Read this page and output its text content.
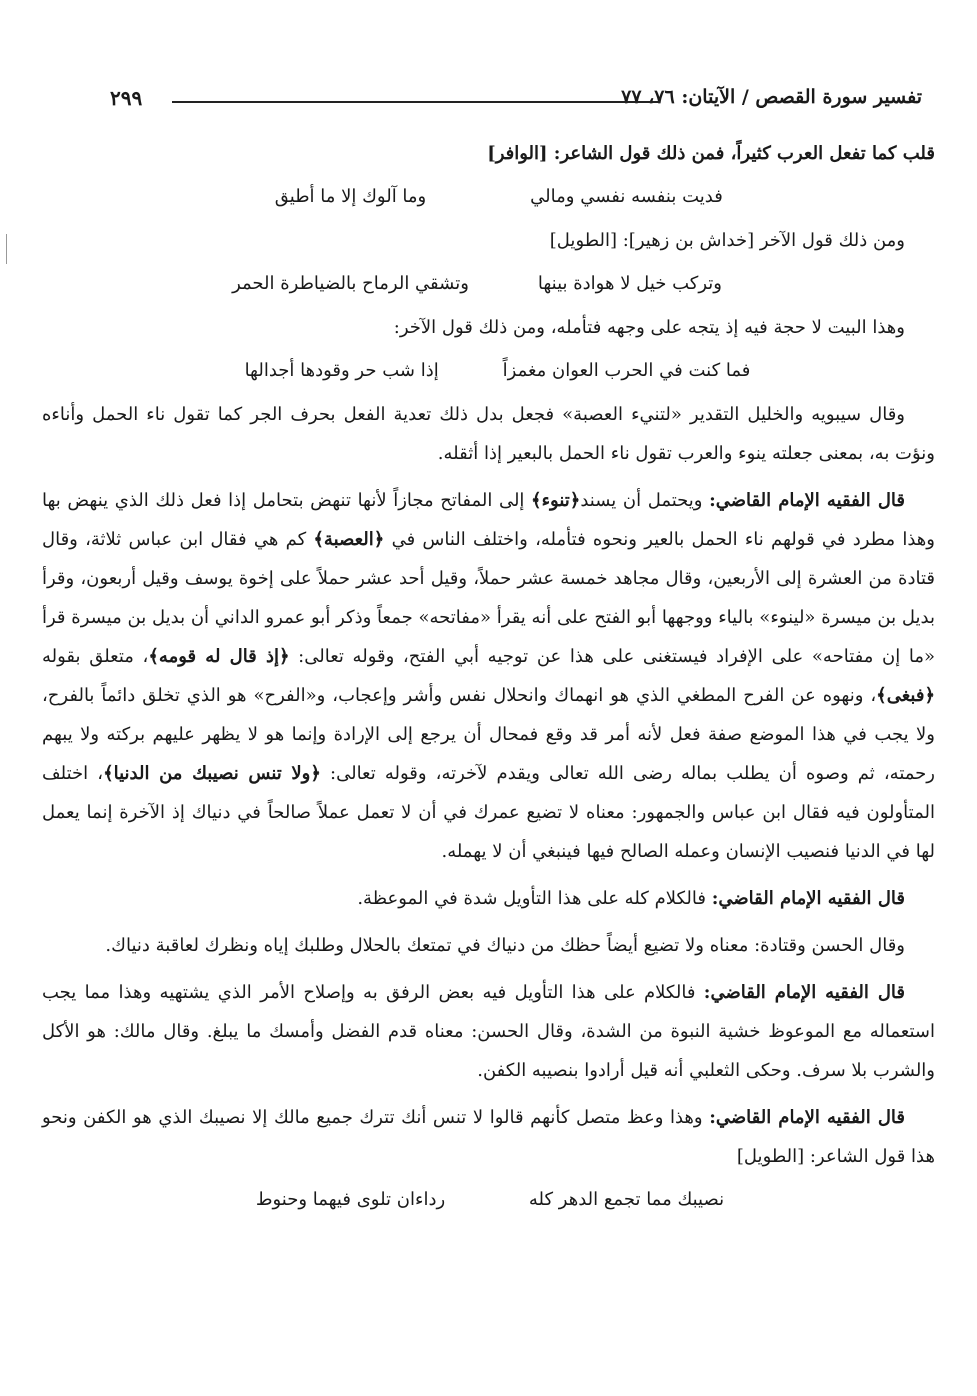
تفسير سورة القصص / الآيتان: ٧٦، ٧٧
٢٩٩

قلب كما تفعل العرب كثيراً، فمن ذلك قول الشاعر: [الوافر]

فديت بنفسه نفسي ومالي
وما آلوك إلا ما أطيق

ومن ذلك قول الآخر [خداش بن زهير]: [الطويل]

وتركب خيل لا هوادة بينها
وتشقي الرماح بالضياطرة الحمر

وهذا البيت لا حجة فيه إذ يتجه على وجهه فتأمله، ومن ذلك قول الآخر:

فما كنت في الحرب العوان مغمزاً
إذا شب حر وقودها أجدالها

وقال سيبويه والخليل التقدير «لتنيء العصبة» فجعل بدل ذلك تعدية الفعل بحرف الجر كما تقول ناء الحمل وأناءه ونؤت به، بمعنى جعلته ينوء والعرب تقول ناء الحمل بالبعير إذا أثقله.

قال الفقيه الإمام القاضي: ويحتمل أن يسند﴿تنوء﴾ إلى المفاتح مجازاً لأنها تنهض بتحامل إذا فعل ذلك الذي ينهض بها وهذا مطرد في قولهم ناء الحمل بالعير ونحوه فتأمله، واختلف الناس في ﴿العصبة﴾ كم هي فقال ابن عباس ثلاثة، وقال قتادة من العشرة إلى الأربعين، وقال مجاهد خمسة عشر حملاً، وقيل أحد عشر حملاً على إخوة يوسف وقيل أربعون، وقرأ بديل بن ميسرة «لينوء» بالياء ووجهها أبو الفتح على أنه يقرأ «مفاتحه» جمعاً وذكر أبو عمرو الداني أن بديل بن ميسرة قرأ «ما إن مفتاحه» على الإفراد فيستغنى على هذا عن توجيه أبي الفتح، وقوله تعالى: ﴿إذ قال له قومه﴾، متعلق بقوله ﴿فبغى﴾، ونهوه عن الفرح المطغي الذي هو انهماك وانحلال نفس وأشر وإعجاب، و«الفرح» هو الذي تخلق دائماً بالفرح، ولا يجب في هذا الموضع صفة فعل لأنه أمر قد وقع فمحال أن يرجع إلى الإرادة وإنما هو لا يظهر عليهم بركته ولا يبهم رحمته، ثم وصوه أن يطلب بماله رضى الله تعالى ويقدم لآخرته، وقوله تعالى: ﴿ولا تنس نصيبك من الدنيا﴾، اختلف المتأولون فيه فقال ابن عباس والجمهور: معناه لا تضيع عمرك في أن لا تعمل عملاً صالحاً في دنياك إذ الآخرة إنما يعمل لها في الدنيا فنصيب الإنسان وعمله الصالح فيها فينبغي أن لا يهمله.

قال الفقيه الإمام القاضي: فالكلام كله على هذا التأويل شدة في الموعظة.

وقال الحسن وقتادة: معناه ولا تضيع أيضاً حظك من دنياك في تمتعك بالحلال وطلبك إياه ونظرك لعاقبة دنياك.

قال الفقيه الإمام القاضي: فالكلام على هذا التأويل فيه بعض الرفق به وإصلاح الأمر الذي يشتهيه وهذا مما يجب استعماله مع الموعوظ خشية النبوة من الشدة، وقال الحسن: معناه قدم الفضل وأمسك ما يبلغ. وقال مالك: هو الأكل والشرب بلا سرف. وحكى الثعلبي أنه قيل أرادوا بنصيبه الكفن.

قال الفقيه الإمام القاضي: وهذا وعظ متصل كأنهم قالوا لا تنس أنك تترك جميع مالك إلا نصيبك الذي هو الكفن ونحو هذا قول الشاعر: [الطويل]

نصيبك مما تجمع الدهر كله
رداءان تلوى فيهما وحنوط
